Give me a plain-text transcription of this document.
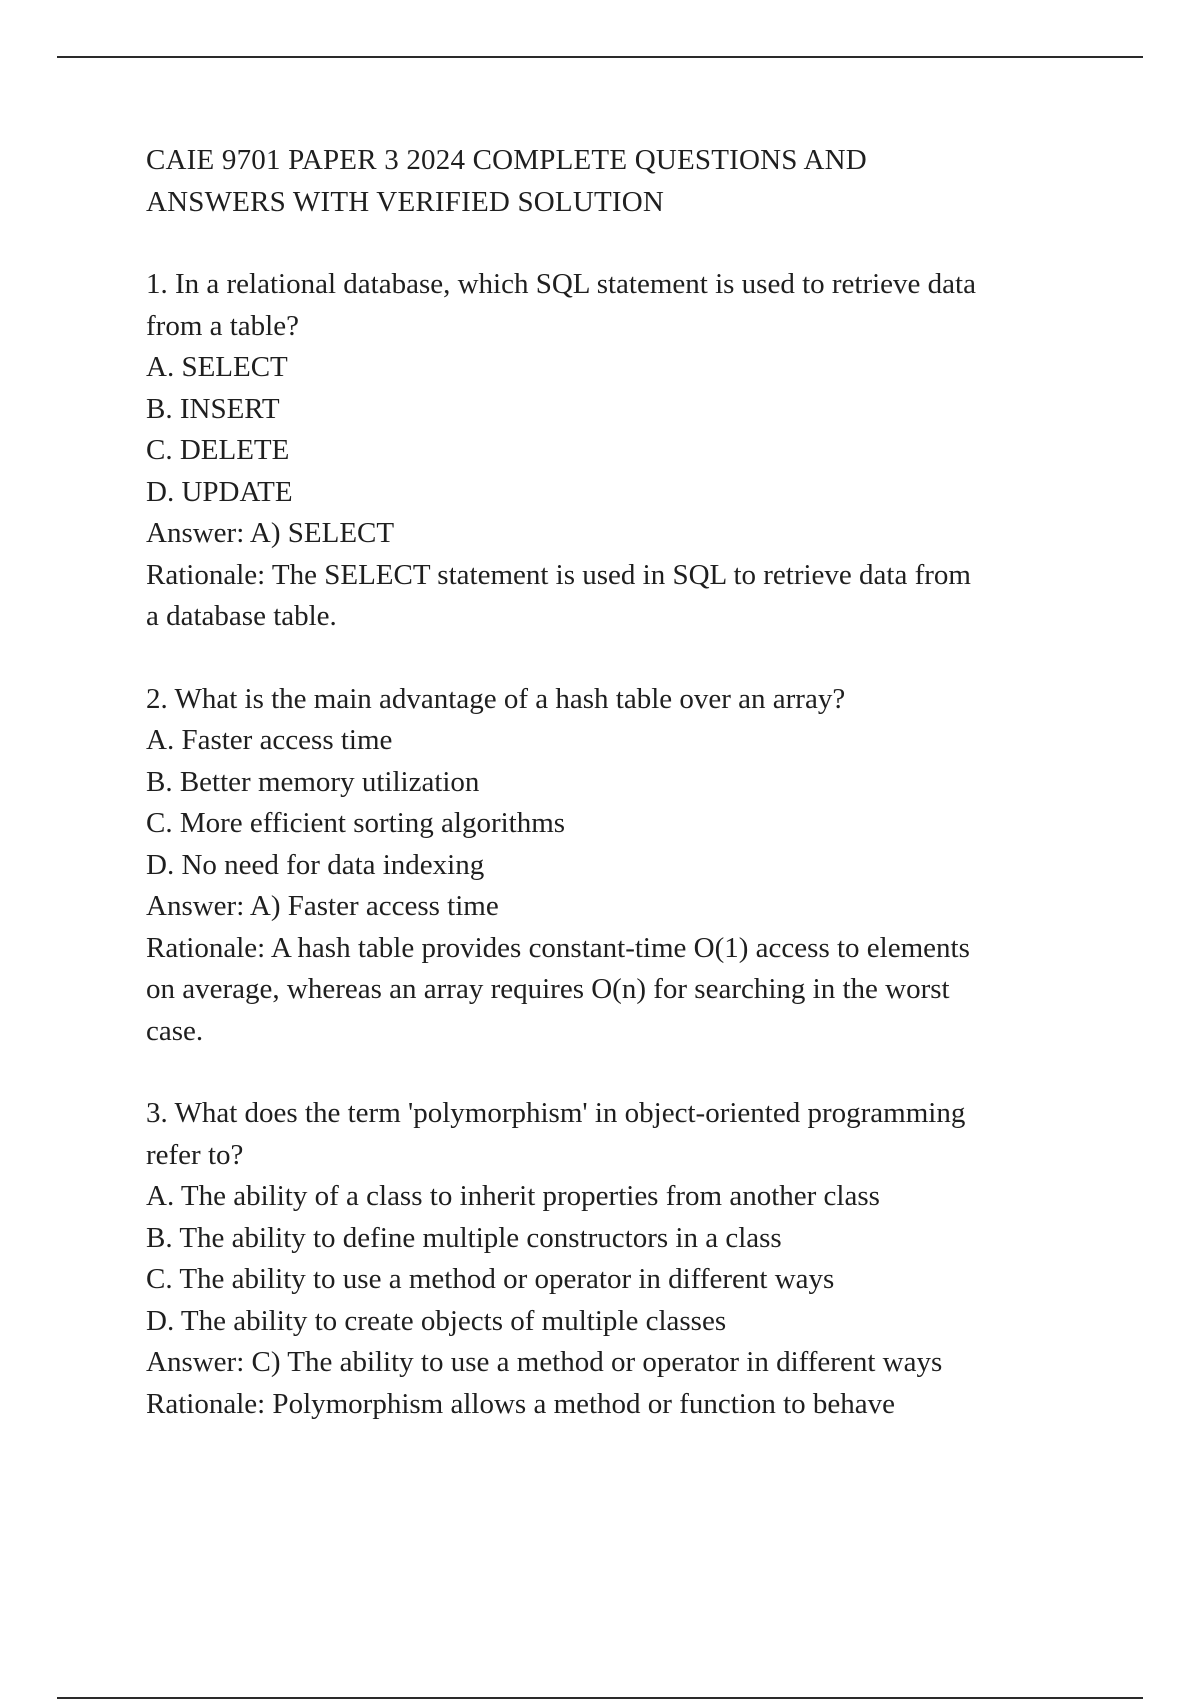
CAIE 9701 PAPER 3 2024 COMPLETE QUESTIONS AND
ANSWERS WITH VERIFIED SOLUTION
1. In a relational database, which SQL statement is used to retrieve data
from a table?
A. SELECT
B. INSERT
C. DELETE
D. UPDATE
Answer: A) SELECT
Rationale: The SELECT statement is used in SQL to retrieve data from
a database table.
2. What is the main advantage of a hash table over an array?
A. Faster access time
B. Better memory utilization
C. More efficient sorting algorithms
D. No need for data indexing
Answer: A) Faster access time
Rationale: A hash table provides constant-time O(1) access to elements
on average, whereas an array requires O(n) for searching in the worst
case.
3. What does the term 'polymorphism' in object-oriented programming
refer to?
A. The ability of a class to inherit properties from another class
B. The ability to define multiple constructors in a class
C. The ability to use a method or operator in different ways
D. The ability to create objects of multiple classes
Answer: C) The ability to use a method or operator in different ways
Rationale: Polymorphism allows a method or function to behave
